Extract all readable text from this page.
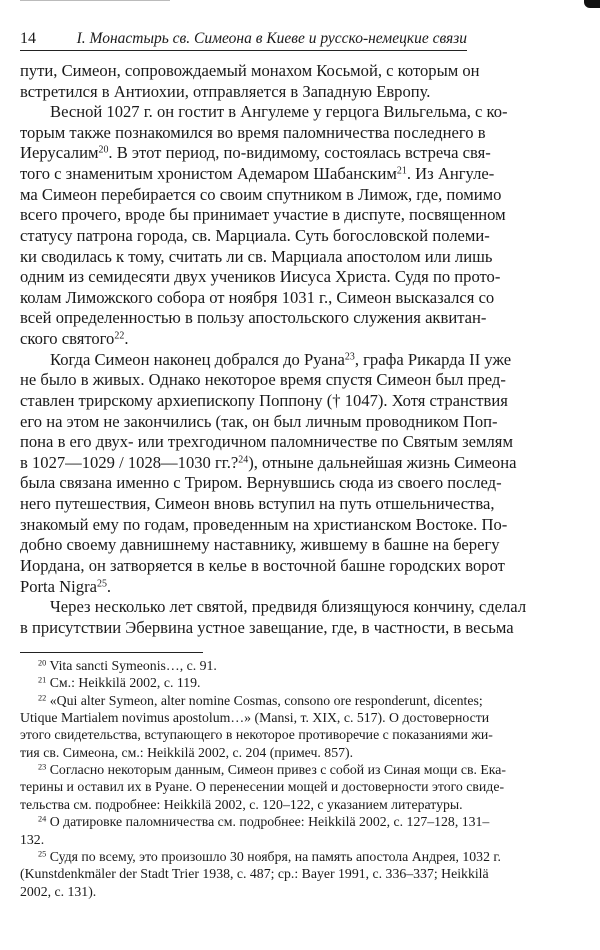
14	I. Монастырь св. Симеона в Киеве и русско-немецкие связи
пути, Симеон, сопровождаемый монахом Косьмой, с которым он
встретился в Антиохии, отправляется в Западную Европу.
Весной 1027 г. он гостит в Ангулеме у герцога Вильгельма, с ко-
торым также познакомился во время паломничества последнего в
Иерусалим$^{20}$. В этот период, по-видимому, состоялась встреча свя-
того с знаменитым хронистом Адемаром Шабанским$^{21}$. Из Ангуле-
ма Симеон перебирается со своим спутником в Лимож, где, помимо
всего прочего, вроде бы принимает участие в диспуте, посвященном
статусу патрона города, св. Марциала. Суть богословской полеми-
ки сводилась к тому, считать ли св. Марциала апостолом или лишь
одним из семидесяти двух учеников Иисуса Христа. Судя по прото-
колам Лиможского собора от ноября 1031 г., Симеон высказался со
всей определенностью в пользу апостольского служения аквитан-
ского святого$^{22}$.
Когда Симеон наконец добрался до Руана$^{23}$, графа Рикарда II уже
не было в живых. Однако некоторое время спустя Симеон был пред-
ставлен трирскому архиепископу Поппону († 1047). Хотя странствия
его на этом не закончились (так, он был личным проводником Поп-
пона в его двух- или трехгодичном паломничестве по Святым землям
в 1027—1029 / 1028—1030 гг.?$^{24}$), отныне дальнейшая жизнь Симеона
была связана именно с Триром. Вернувшись сюда из своего послед-
него путешествия, Симеон вновь вступил на путь отшельничества,
знакомый ему по годам, проведенным на христианском Востоке. По-
добно своему давнишнему наставнику, жившему в башне на берегу
Иордана, он затворяется в келье в восточной башне городских ворот
Porta Nigra$^{25}$.
Через несколько лет святой, предвидя близящуюся кончину, сделал
в присутствии Эбервина устное завещание, где, в частности, в весьма
$^{20}$ Vita sancti Symeonis…, с. 91.
$^{21}$ См.: Heikkilä 2002, с. 119.
$^{22}$ «Qui alter Symeon, alter nomine Cosmas, consono ore responderunt, dicentes;
Utique Martialem novimus apostolum…» (Mansi, т. XIX, с. 517). О достоверности
этого свидетельства, вступающего в некоторое противоречие с показаниями жи-
тия св. Симеона, см.: Heikkilä 2002, с. 204 (примеч. 857).
$^{23}$ Согласно некоторым данным, Симеон привез с собой из Синая мощи св. Ека-
терины и оставил их в Руане. О перенесении мощей и достоверности этого свиде-
тельства см. подробнее: Heikkilä 2002, с. 120–122, с указанием литературы.
$^{24}$ О датировке паломничества см. подробнее: Heikkilä 2002, с. 127–128, 131–
132.
$^{25}$ Судя по всему, это произошло 30 ноября, на память апостола Андрея, 1032 г.
(Kunstdenkmäler der Stadt Trier 1938, с. 487; ср.: Bayer 1991, с. 336–337; Heikkilä
2002, с. 131).
